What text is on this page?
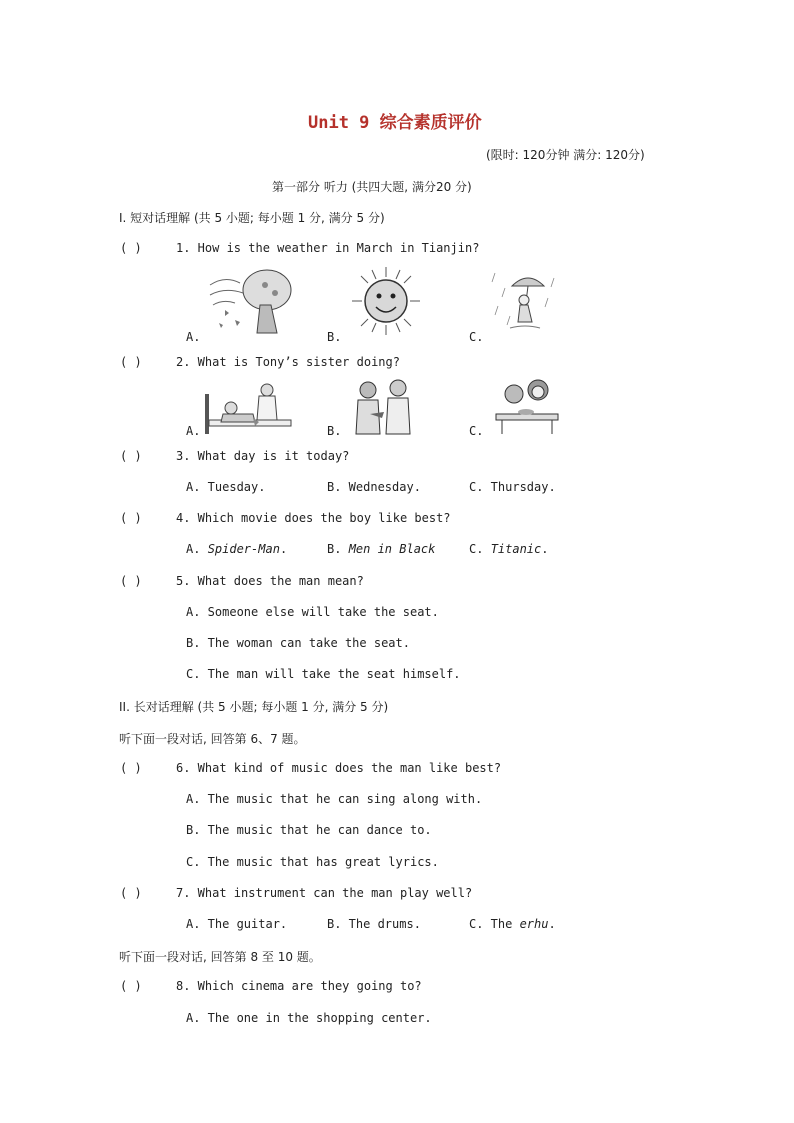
Unit 9 综合素质评价
(限时: 120分钟 满分: 120分)
第一部分 听力 (共四大题, 满分20 分)
I. 短对话理解 (共 5 小题; 每小题 1 分, 满分 5 分)
( )	1. How is the weather in March in Tianjin?
A.	B.	C.
( )	2. What is Tony’s sister doing?
A.	B.	C.
( )	3. What day is it today?
A. Tuesday.	B. Wednesday.	C. Thursday.
( )	4. Which movie does the boy like best?
A. Spider-Man.	B. Men in Black	C. Titanic.
( )	5. What does the man mean?
A. Someone else will take the seat.
B. The woman can take the seat.
C. The man will take the seat himself.
II. 长对话理解 (共 5 小题; 每小题 1 分, 满分 5 分)
听下面一段对话, 回答第 6、7 题。
( )	6. What kind of music does the man like best?
A. The music that he can sing along with.
B. The music that he can dance to.
C. The music that has great lyrics.
( )	7. What instrument can the man play well?
A. The guitar.	B. The drums.	C. The erhu.
听下面一段对话, 回答第 8 至 10 题。
( )	8. Which cinema are they going to?
A. The one in the shopping center.
